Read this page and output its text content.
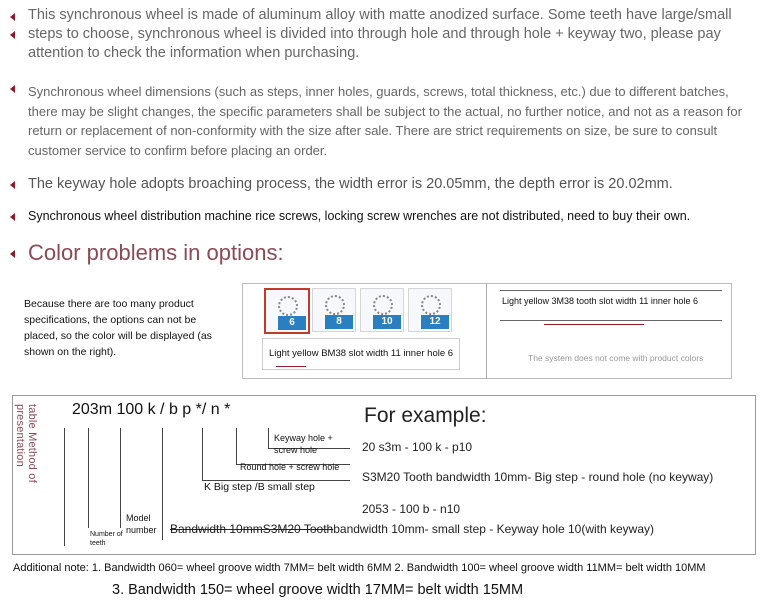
This synchronous wheel is made of aluminum alloy with matte anodized surface. Some teeth have large/small steps to choose, synchronous wheel is divided into through hole and through hole + keyway two, please pay attention to check the information when purchasing.
Synchronous wheel dimensions (such as steps, inner holes, guards, screws, total thickness, etc.) due to different batches, there may be slight changes, the specific parameters shall be subject to the actual, no further notice, and not as a reason for return or replacement of non-conformity with the size after sale. There are strict requirements on size, be sure to consult customer service to confirm before placing an order.
The keyway hole adopts broaching process, the width error is 20.05mm, the depth error is 20.02mm.
Synchronous wheel distribution machine rice screws, locking screw wrenches are not distributed, need to buy their own.
Color problems in options:
Because there are too many product specifications, the options can not be placed, so the color will be displayed (as shown on the right).
6	8	10	12
Light yellow BM38 slot width 11 inner hole 6
Light yellow 3M38 tooth slot width 11 inner hole 6
The system does not come with product colors
table Method of presentation	203m 100 k / b p */ n *	For example:
20 s3m - 100 k - p10
S3M20 Tooth bandwidth 10mm- Big step - round hole (no keyway)
2053 - 100 b - n10
Keyway hole + screw hole
Round hole + screw hole
K Big step /B small step
Model number
Number of teeth
Bandwidth 10mmS3M20 Toothbandwidth 10mm- small step - Keyway hole 10(with keyway)
Additional note: 1. Bandwidth 060= wheel groove width 7MM= belt width 6MM 2. Bandwidth 100= wheel groove width 11MM= belt width 10MM
3. Bandwidth 150= wheel groove width 17MM= belt width 15MM
